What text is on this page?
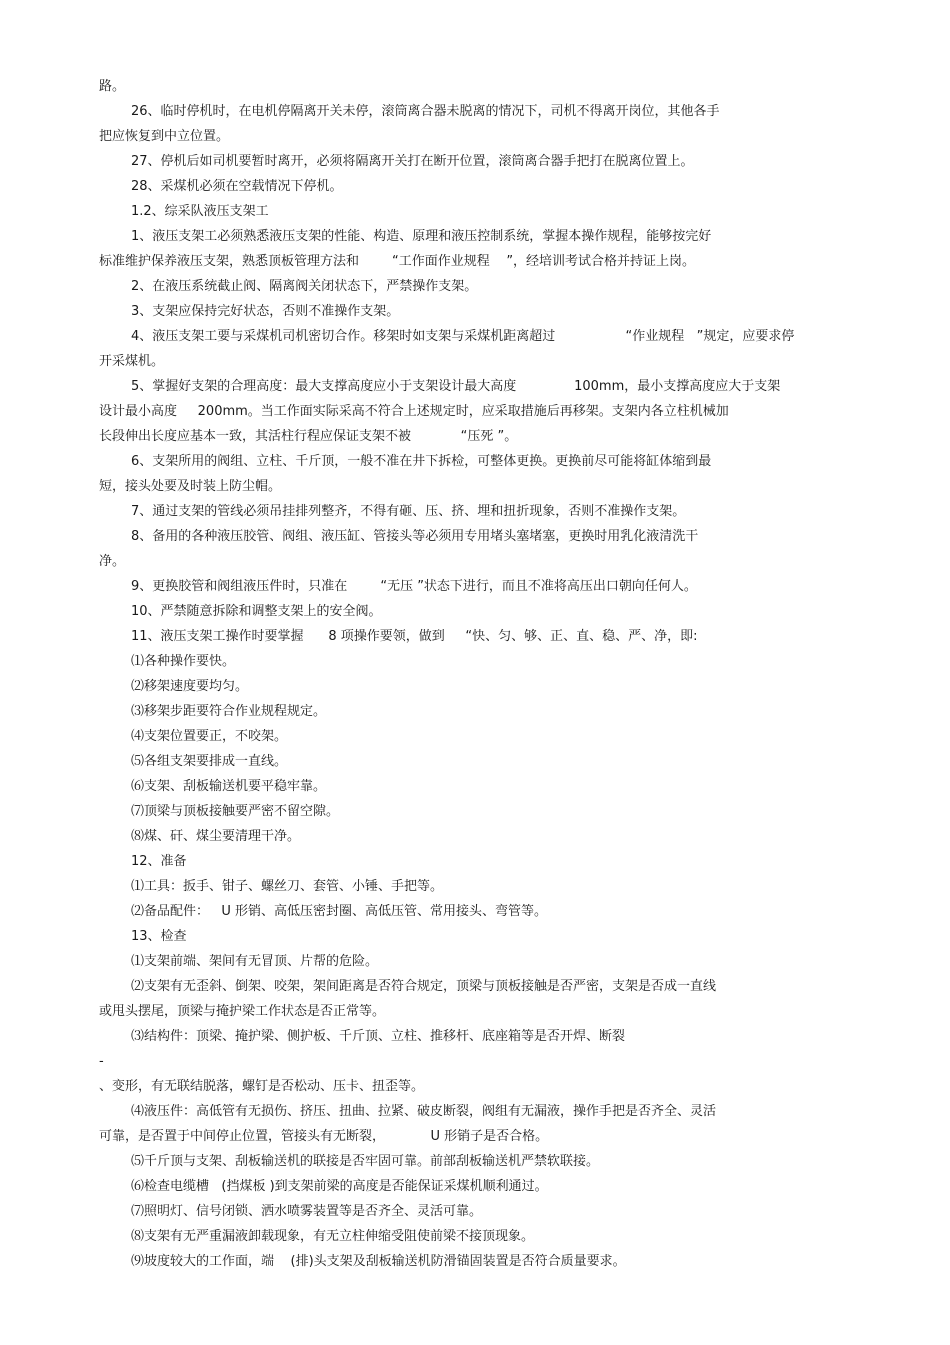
路。
26、临时停机时，在电机停隔离开关未停，滚筒离合器未脱离的情况下，司机不得离开岗位，其他各手
把应恢复到中立位置。
27、停机后如司机要暂时离开，必须将隔离开关打在断开位置，滚筒离合器手把打在脱离位置上。
28、采煤机必须在空载情况下停机。
1.2、综采队液压支架工
1、液压支架工必须熟悉液压支架的性能、构造、原理和液压控制系统，掌握本操作规程，能够按完好
标准维护保养液压支架，熟悉顶板管理方法和        “工作面作业规程    ”，经培训考试合格并持证上岗。
2、在液压系统截止阀、隔离阀关闭状态下，严禁操作支架。
3、支架应保持完好状态，否则不准操作支架。
4、液压支架工要与采煤机司机密切合作。移架时如支架与采煤机距离超过                 “作业规程   ”规定，应要求停
开采煤机。
5、掌握好支架的合理高度：最大支撑高度应小于支架设计最大高度              100mm，最小支撑高度应大于支架
设计最小高度     200mm。当工作面实际采高不符合上述规定时，应采取措施后再移架。支架内各立柱机械加
长段伸出长度应基本一致，其活柱行程应保证支架不被            “压死 ”。
6、支架所用的阀组、立柱、千斤顶，一般不准在井下拆检，可整体更换。更换前尽可能将缸体缩到最
短，接头处要及时装上防尘帽。
7、通过支架的管线必须吊挂排列整齐，不得有砸、压、挤、埋和扭折现象，否则不准操作支架。
8、备用的各种液压胶管、阀组、液压缸、管接头等必须用专用堵头塞堵塞，更换时用乳化液清洗干
净。
9、更换胶管和阀组液压件时，只准在        “无压 ”状态下进行，而且不准将高压出口朝向任何人。
10、严禁随意拆除和调整支架上的安全阀。
11、液压支架工操作时要掌握      8 项操作要领，做到     “快、匀、够、正、直、稳、严、净，即:
⑴各种操作要快。
⑵移架速度要均匀。
⑶移架步距要符合作业规程规定。
⑷支架位置要正，不咬架。
⑸各组支架要排成一直线。
⑹支架、刮板输送机要平稳牢靠。
⑺顶梁与顶板接触要严密不留空隙。
⑻煤、矸、煤尘要清理干净。
12、准备
⑴工具：扳手、钳子、螺丝刀、套管、小锤、手把等。
⑵备品配件：   U 形销、高低压密封圈、高低压管、常用接头、弯管等。
13、检查
⑴支架前端、架间有无冒顶、片帮的危险。
⑵支架有无歪斜、倒架、咬架，架间距离是否符合规定，顶梁与顶板接触是否严密，支架是否成一直线
或甩头摆尾，顶梁与掩护梁工作状态是否正常等。
⑶结构件：顶梁、掩护梁、侧护板、千斤顶、立柱、推移杆、底座箱等是否开焊、断裂
-
、变形，有无联结脱落，螺钉是否松动、压卡、扭歪等。
⑷液压件：高低管有无损伤、挤压、扭曲、拉紧、破皮断裂，阀组有无漏液，操作手把是否齐全、灵活
可靠，是否置于中间停止位置，管接头有无断裂，           U 形销子是否合格。
⑸千斤顶与支架、刮板输送机的联接是否牢固可靠。前部刮板输送机严禁软联接。
⑹检查电缆槽   (挡煤板 )到支架前梁的高度是否能保证采煤机顺利通过。
⑺照明灯、信号闭锁、洒水喷雾装置等是否齐全、灵活可靠。
⑻支架有无严重漏液卸载现象，有无立柱伸缩受阻使前梁不接顶现象。
⑼坡度较大的工作面，端    (排)头支架及刮板输送机防滑锚固装置是否符合质量要求。
